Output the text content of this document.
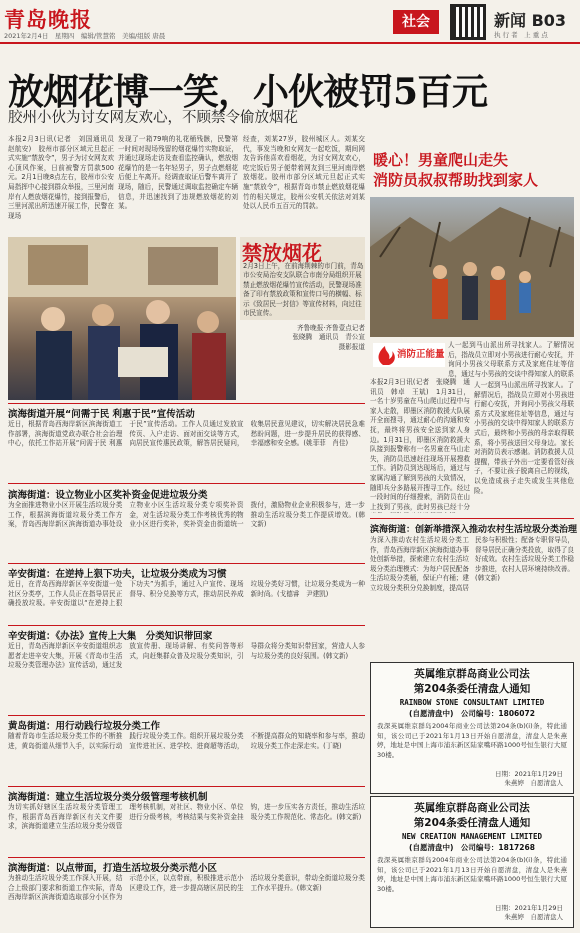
青岛晚报
2021年2月4日　星期四　编辑/管慧铭　美编/组版 唐晨
社会	新闻 B03
执 行 者　上 重 点
放烟花博一笑，小伙被罚5百元
胶州小伙为讨女网友欢心，不顾禁令偷放烟花
本报2月3日讯(记者　刘国通讯员　赵航安)　胶州市部分区域元旦起正式实施“禁放令”，男子为讨女网友欢心顶风作案，日前被警方罚款500元。2月1日晚8点左右，胶州市公安局指挥中心接到群众举报，三里河南岸有人燃放烟花爆竹，接到报警后，三里河派出所迅速开展工作，民警在现场
发现了一箱79响的礼花桶残骸，民警第一时间对现场残留的烟花爆竹实物取证，并通过现场走访及查看监控确认，燃放烟花爆竹的是一名年轻男子，男子点燃烟花后便上车离开。经调查取证后警车离开了现场，随后，民警通过调取监控确定车辆信息，并迅速找到了违规燃放烟花的刘某。
经查，刘某27岁，胶州城区人。刘某交代，事发当晚和女网友一起吃饭，期间网友告诉他喜欢看烟花，为讨女网友欢心，吃完饭后男子便带着网友到三里河南岸燃放烟花。胶州市部分区域元旦起正式实施“禁放令”，根据青岛市禁止燃放烟花爆竹的相关规定，胶州公安机关依法对刘某处以人民币五百元的罚款。
禁放烟花
2月3日上午，在前海荆棘的市门前，青岛市公安局治安支队联合市南分局组织开展禁止燃放烟花爆竹宣传活动，民警现场准备了印有禁放政策和宣传口号的横幅、标示《致居民一封信》等宣传材料，向过往市民宣传。
齐鲁晚报·齐鲁壹点记者　张晓腾　通讯员　青公宣　摄影报道
暖心！男童爬山走失
消防员叔叔帮助找到家人
消防正能量
人一起到马山派出所寻找家人。了解情况后，指战员立即对小男孩进行耐心安抚，并询问小男孩父母联系方式及家庭住址等信息，通过与小男孩的交谈中得知家人的联系
本报2月3日讯(记者　张晓腾　通讯员　韩卓　王斌)　1月31日，一名十岁男童在马山爬山过程中与家人走散，即墨区消防救援大队展开全面搜寻，通过耐心的沟通和安抚，最终将男孩安全送到家人身边。1月31日，即墨区消防救援大队接到报警称有一名男童在马山走失，消防员迅速赶往现场开展搜救工作。消防员到达现场后，通过与家属沟通了解到男孩的大致情况，随即兵分多路展开搜寻工作。经过一段时间的仔细搜索，消防员在山上找到了男孩，此时男孩已经十分
人一起到马山派出所寻找家人。了解情况后，指战员立即对小男孩进行耐心安抚，并询问小男孩父母联系方式及家庭住址等信息，通过与小男孩的交谈中得知家人的联系方式后，最终和小男孩的母亲取得联系，将小男孩送回父母身边。家长对消防员表示感谢。消防救援人员提醒，带孩子外出一定要看管好孩子，不要让孩子脱离自己的视线，以免造成孩子走失或发生其他危险。
滨海街道开展“问需于民 利惠于民”宣传活动
近日，根据青岛西海岸新区滨海街道工作部署，滨海街道党政办联合社会治理中心，依托工作站开展“问需于民 利惠于民”宣传活动。工作人员通过发放宣传页、入户走访、面对面交谈等方式，向居民宣传惠民政策，解答居民疑问，收集居民意见建议，切实解决居民急难愁盼问题，进一步提升居民的获得感、幸福感和安全感。(姚菲菲　肖佳)
滨海街道：设立物业小区奖补资金促进垃圾分类
为全面推进物业小区开展生活垃圾分类工作，根据滨海街道垃圾分类工作方案，青岛西海岸新区滨海街道办事处设立物业小区生活垃圾分类专项奖补资金，对生活垃圾分类工作考核优秀的物业小区进行奖补，奖补资金由街道统一拨付，激励物业企业积极参与，进一步推动生活垃圾分类工作提质增效。(韩文新)
辛安街道：在逆持上狠下功夫，让垃圾分类成为习惯
近日，在青岛西海岸新区辛安街道一处社区分类亭，工作人员正在指导居民正确投放垃圾。辛安街道以“在逆持上狠下功夫”为抓手，通过入户宣传、现场督导、积分兑换等方式，推动居民养成垃圾分类好习惯，让垃圾分类成为一种新时尚。(戈德睿　尹建凯)
辛安街道：《办法》宣传上大集　分类知识带回家
近日，青岛西海岸新区辛安街道组织志愿者走进辛安大集，开展《青岛市生活垃圾分类管理办法》宣传活动，通过发放宣传册、现场讲解、有奖问答等形式，向赶集群众普及垃圾分类知识，引导群众将分类知识带回家，营造人人参与垃圾分类的良好氛围。(韩文新)
黄岛街道：用行动践行垃圾分类工作
随着青岛市生活垃圾分类工作的不断推进，黄岛街道从细节入手，以实际行动践行垃圾分类工作。组织开展垃圾分类宣传进社区、进学校、进商超等活动，不断提高群众的知晓率和参与率，推动垃圾分类工作走深走实。(丁晓)
滨海街道：建立生活垃圾分类分级管理考核机制
为切实抓好辖区生活垃圾分类管理工作，根据青岛西海岸新区有关文件要求，滨海街道建立生活垃圾分类分级管理考核机制，对社区、物业小区、单位进行分级考核，考核结果与奖补资金挂钩，进一步压实各方责任，推动生活垃圾分类工作规范化、常态化。(韩文新)
滨海街道：以点带面，打造生活垃圾分类示范小区
为推动生活垃圾分类工作深入开展，结合上级部门要求和街道工作实际，青岛西海岸新区滨海街道选取部分小区作为示范小区，以点带面，积极推进示范小区建设工作，进一步提高辖区居民的生活垃圾分类意识，带动全街道垃圾分类工作水平提升。(韩文新)
滨海街道：创新举措深入推动农村生活垃圾分类治理
为深入推动农村生活垃圾分类工作，青岛西海岸新区滨海街道办事处创新举措，探索建立农村生活垃圾分类治理模式：为每户居民配备生活垃圾分类桶，保证户有桶；建立垃圾分类积分兑换制度，提高居民参与积极性；配备专职督导员，督导居民正确分类投放，取得了良好成效。农村生活垃圾分类工作稳步推进，农村人居环境持续改善。(韩文新)
英属维京群岛商业公司法
第204条委任清盘人通知
RAINBOW STONE CONSULTANT LIMITED
(自愿清盘中)　公司编号：1806072
我深英属维京群岛2004年商业公司法第204条(b)(i)条，特此通知，该公司已于2021年1月13日开始自愿清盘，清盘人是朱燕婷，地址是中国上海市浦东新区陆家嘴环路1000号恒生银行大厦30楼。
日期：2021年1月29日
朱燕婷　自愿清盘人
英属维京群岛商业公司法
第204条委任清盘人通知
NEW CREATION MANAGEMENT LIMITED
(自愿清盘中)　公司编号：1817268
我深英属维京群岛2004年商业公司法第204条(b)(i)条，特此通知，该公司已于2021年1月13日开始自愿清盘，清盘人是朱燕婷，地址是中国上海市浦东新区陆家嘴环路1000号恒生银行大厦30楼。
日期：2021年1月29日
朱燕婷　自愿清盘人
